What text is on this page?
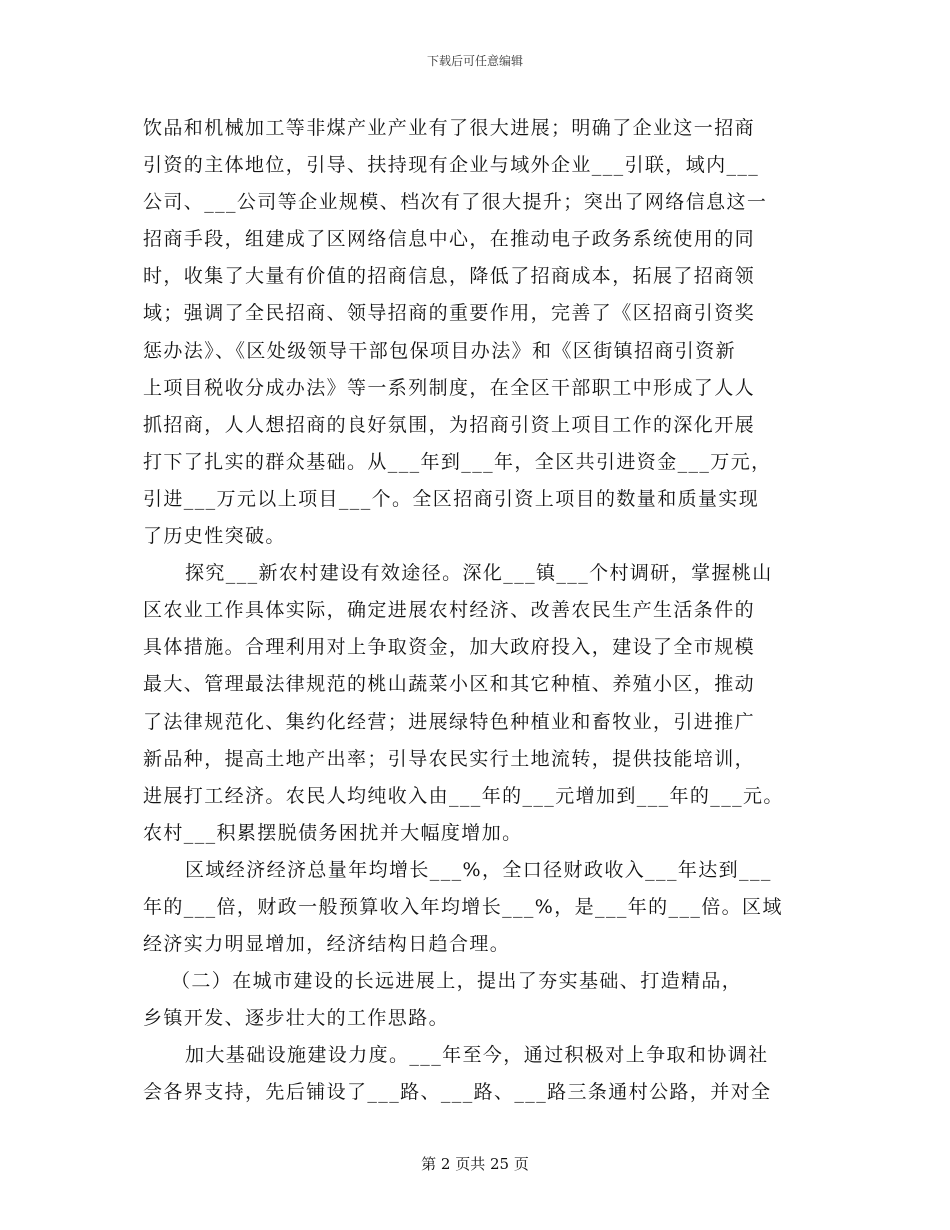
下载后可任意编辑
饮品和机械加工等非煤产业产业有了很大进展；明确了企业这一招商
引资的主体地位，引导、扶持现有企业与域外企业___引联，域内___
公司、___公司等企业规模、档次有了很大提升；突出了网络信息这一
招商手段，组建成了区网络信息中心，在推动电子政务系统使用的同
时，收集了大量有价值的招商信息，降低了招商成本，拓展了招商领
域；强调了全民招商、领导招商的重要作用，完善了《区招商引资奖
惩办法》、《区处级领导干部包保项目办法》和《区街镇招商引资新
上项目税收分成办法》等一系列制度，在全区干部职工中形成了人人
抓招商，人人想招商的良好氛围，为招商引资上项目工作的深化开展
打下了扎实的群众基础。从___年到___年，全区共引进资金___万元，
引进___万元以上项目___个。全区招商引资上项目的数量和质量实现
了历史性突破。
探究___新农村建设有效途径。深化___镇___个村调研，掌握桃山
区农业工作具体实际，确定进展农村经济、改善农民生产生活条件的
具体措施。合理利用对上争取资金，加大政府投入，建设了全市规模
最大、管理最法律规范的桃山蔬菜小区和其它种植、养殖小区，推动
了法律规范化、集约化经营；进展绿特色种植业和畜牧业，引进推广
新品种，提高土地产出率；引导农民实行土地流转，提供技能培训，
进展打工经济。农民人均纯收入由___年的___元增加到___年的___元。
农村___积累摆脱债务困扰并大幅度增加。
区域经济经济总量年均增长___%，全口径财政收入___年达到___
年的___倍，财政一般预算收入年均增长___%，是___年的___倍。区域
经济实力明显增加，经济结构日趋合理。
（二）在城市建设的长远进展上，提出了夯实基础、打造精品，
乡镇开发、逐步壮大的工作思路。
加大基础设施建设力度。___年至今，通过积极对上争取和协调社
会各界支持，先后铺设了___路、___路、___路三条通村公路，并对全
第 2 页共 25 页
